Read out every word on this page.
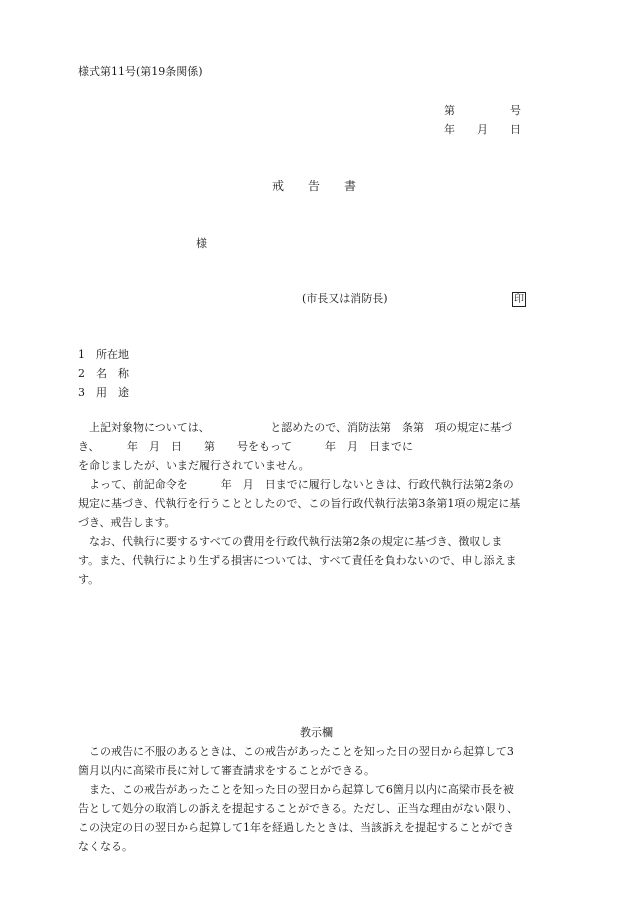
様式第11号(第19条関係)
第　　　　　号
年　　月　　日
戒　　告　　書
様
(市長又は消防長)	印
1　所在地
2　名　称
3　用　途
　上記対象物については、　　　　　　と認めたので、消防法第　条第　項の規定に基づ
き、　　　年　月　日　　第　　号をもって　　　年　月　日までに
を命じましたが、いまだ履行されていません。
　よって、前記命令を　　　年　月　日までに履行しないときは、行政代執行法第2条の
規定に基づき、代執行を行うこととしたので、この旨行政代執行法第3条第1項の規定に基
づき、戒告します。
　なお、代執行に要するすべての費用を行政代執行法第2条の規定に基づき、徴収しま
す。また、代執行により生ずる損害については、すべて責任を負わないので、申し添えま
す。
教示欄
　この戒告に不服のあるときは、この戒告があったことを知った日の翌日から起算して3
箇月以内に高梁市長に対して審査請求をすることができる。
　また、この戒告があったことを知った日の翌日から起算して6箇月以内に高梁市長を被
告として処分の取消しの訴えを提起することができる。ただし、正当な理由がない限り、
この決定の日の翌日から起算して1年を経過したときは、当該訴えを提起することができ
なくなる。
